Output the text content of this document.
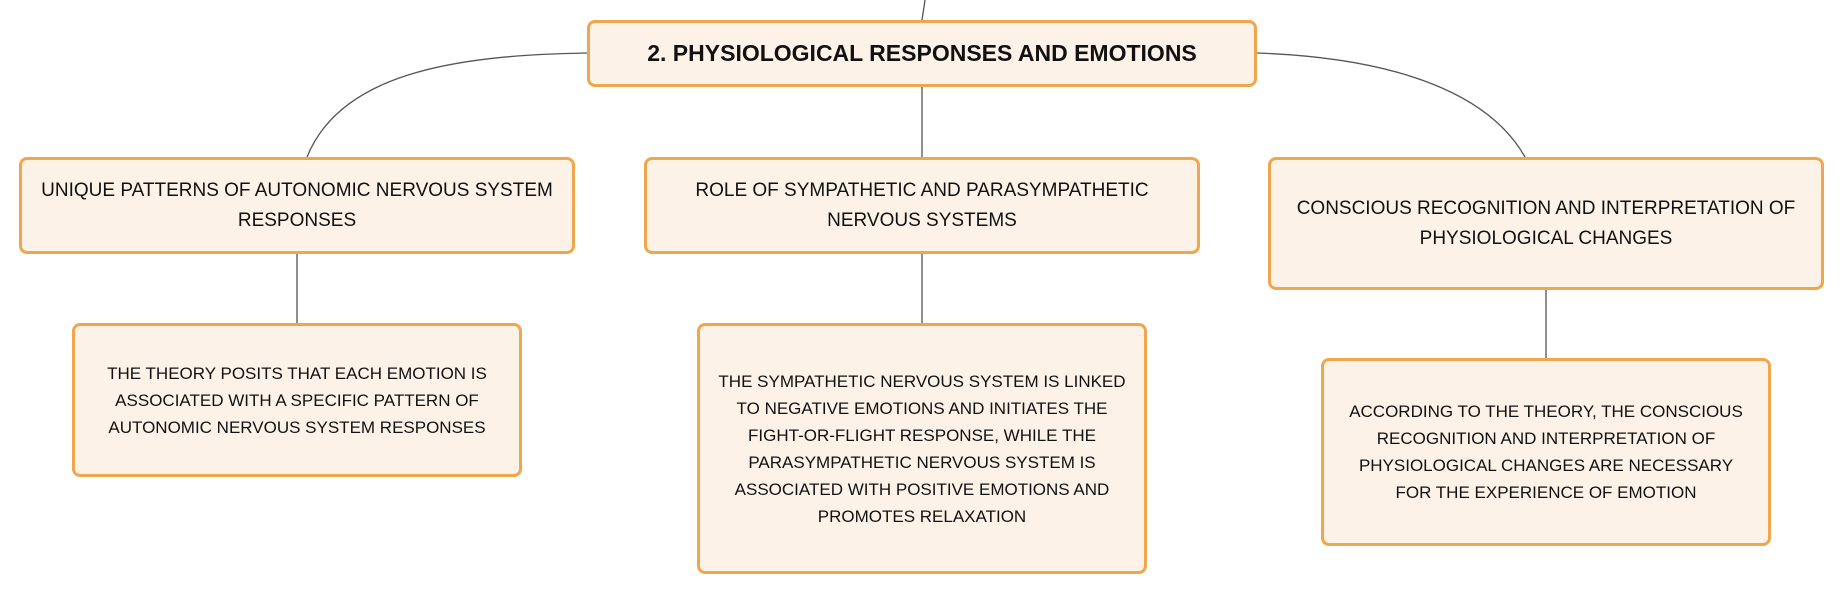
2. PHYSIOLOGICAL RESPONSES AND EMOTIONS
UNIQUE PATTERNS OF AUTONOMIC NERVOUS SYSTEM RESPONSES
ROLE OF SYMPATHETIC AND PARASYMPATHETIC NERVOUS SYSTEMS
CONSCIOUS RECOGNITION AND INTERPRETATION OF PHYSIOLOGICAL CHANGES
THE THEORY POSITS THAT EACH EMOTION IS ASSOCIATED WITH A SPECIFIC PATTERN OF AUTONOMIC NERVOUS SYSTEM RESPONSES
THE SYMPATHETIC NERVOUS SYSTEM IS LINKED TO NEGATIVE EMOTIONS AND INITIATES THE FIGHT-OR-FLIGHT RESPONSE, WHILE THE PARASYMPATHETIC NERVOUS SYSTEM IS ASSOCIATED WITH POSITIVE EMOTIONS AND PROMOTES RELAXATION
ACCORDING TO THE THEORY, THE CONSCIOUS RECOGNITION AND INTERPRETATION OF PHYSIOLOGICAL CHANGES ARE NECESSARY FOR THE EXPERIENCE OF EMOTION
